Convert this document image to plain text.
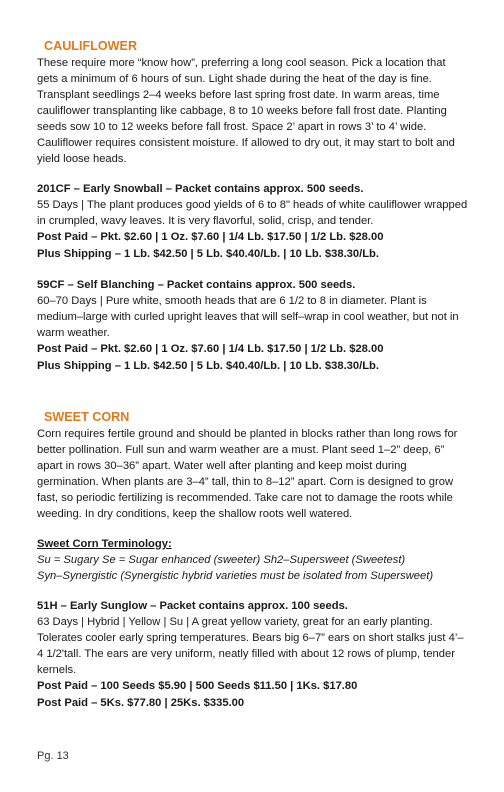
CAULIFLOWER

These require more “know how”, preferring a long cool season. Pick a location that gets a minimum of 6 hours of sun. Light shade during the heat of the day is fine. Transplant seedlings 2–4 weeks before last spring frost date. In warm areas, time cauliflower transplanting like cabbage, 8 to 10 weeks before fall frost date. Planting seeds sow 10 to 12 weeks before fall frost. Space 2’ apart in rows 3’ to 4’ wide. Cauliflower requires consistent moisture. If allowed to dry out, it may start to bolt and yield loose heads.

201CF – Early Snowball – Packet contains approx. 500 seeds.

55 Days | The plant produces good yields of 6 to 8" heads of white cauliflower wrapped in crumpled, wavy leaves. It is very flavorful, solid, crisp, and tender.

Post Paid – Pkt. $2.60 | 1 Oz. $7.60 | 1/4 Lb. $17.50 | 1/2 Lb. $28.00

Plus Shipping – 1 Lb. $42.50 | 5 Lb. $40.40/Lb. | 10 Lb. $38.30/Lb.

59CF – Self Blanching – Packet contains approx. 500 seeds.

60–70 Days | Pure white, smooth heads that are 6 1/2 to 8 in diameter. Plant is medium–large with curled upright leaves that will self–wrap in cool weather, but not in warm weather.

Post Paid – Pkt. $2.60 | 1 Oz. $7.60 | 1/4 Lb. $17.50 | 1/2 Lb. $28.00

Plus Shipping – 1 Lb. $42.50 | 5 Lb. $40.40/Lb. | 10 Lb. $38.30/Lb.

SWEET CORN

Corn requires fertile ground and should be planted in blocks rather than long rows for better pollination. Full sun and warm weather are a must. Plant seed 1–2” deep, 6” apart in rows 30–36” apart. Water well after planting and keep moist during germination. When plants are 3–4” tall, thin to 8–12” apart. Corn is designed to grow fast, so periodic fertilizing is recommended. Take care not to damage the roots while weeding. In dry conditions, keep the shallow roots well watered.

Sweet Corn Terminology:

Su = Sugary Se = Sugar enhanced (sweeter) Sh2–Supersweet (Sweetest)

Syn–Synergistic (Synergistic hybrid varieties must be isolated from Supersweet)

51H – Early Sunglow – Packet contains approx. 100 seeds.

63 Days | Hybrid | Yellow | Su | A great yellow variety, great for an early planting. Tolerates cooler early spring temperatures. Bears big 6–7” ears on short stalks just 4’–4 1/2'tall. The ears are very uniform, neatly filled with about 12 rows of plump, tender kernels.

Post Paid – 100 Seeds $5.90 | 500 Seeds $11.50 | 1Ks. $17.80

Post Paid – 5Ks. $77.80 | 25Ks. $335.00

Pg. 13
